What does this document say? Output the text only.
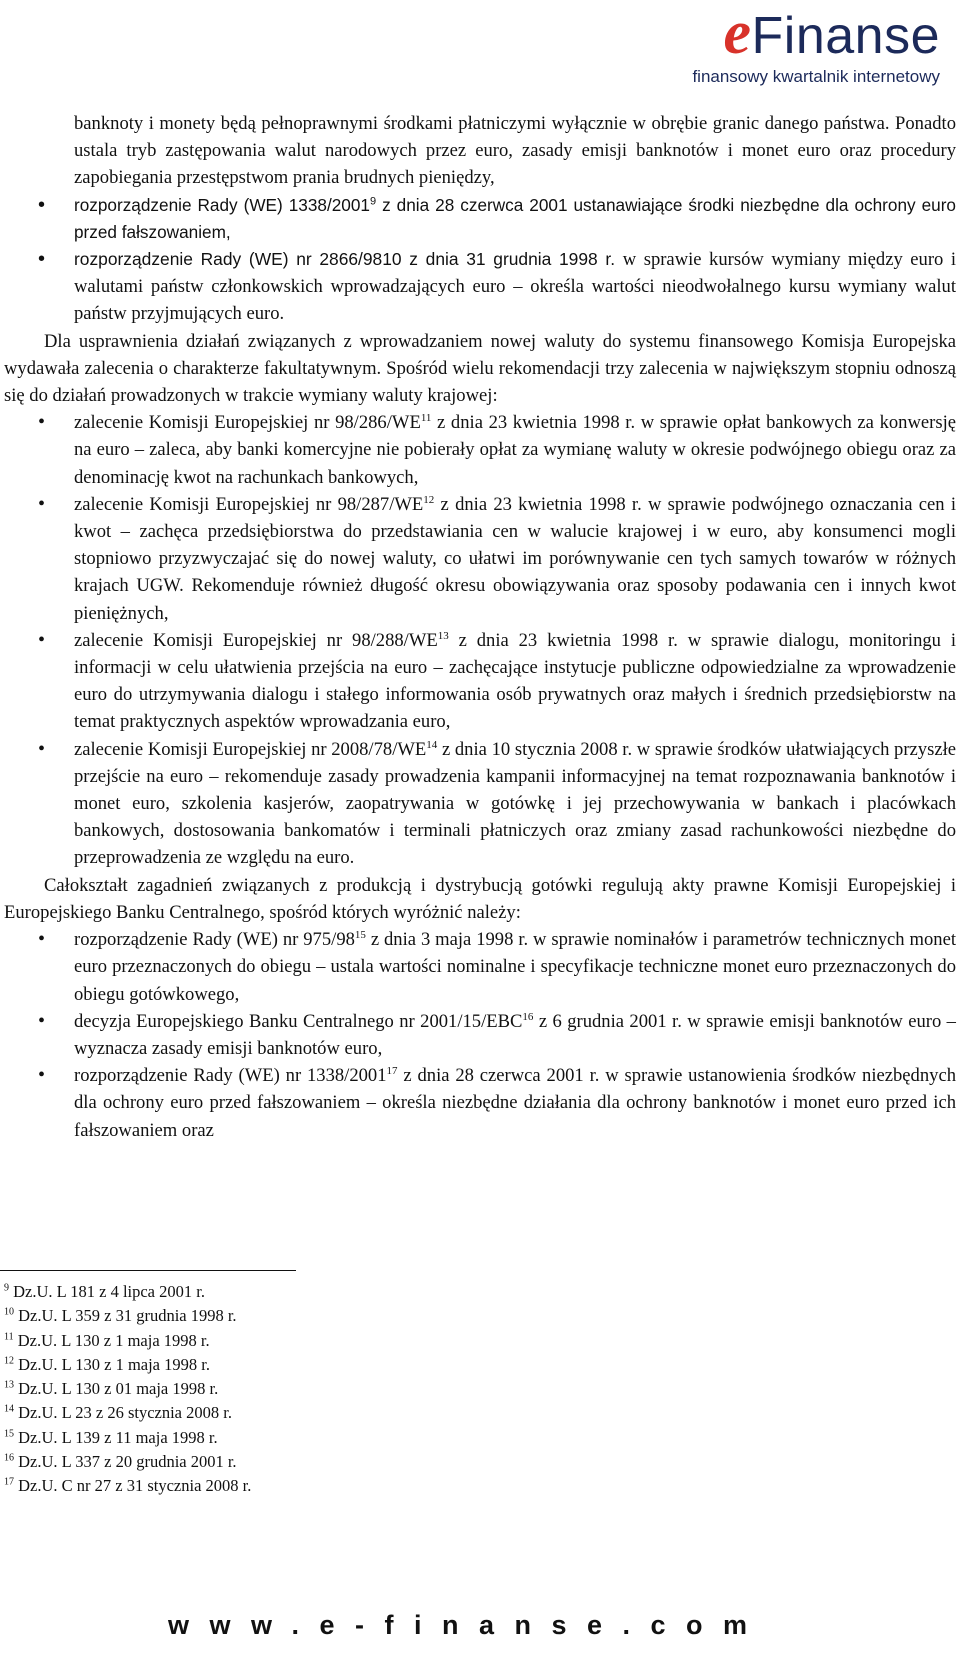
eFinanse
finansowy kwartalnik internetowy

banknoty i monety będą pełnoprawnymi środkami płatniczymi wyłącznie w obrębie granic danego państwa. Ponadto ustala tryb zastępowania walut narodowych przez euro, zasady emisji banknotów i monet euro oraz procedury zapobiegania przestępstwom prania brudnych pieniędzy,

• rozporządzenie Rady (WE) 1338/2001$^9$ z dnia 28 czerwca 2001 ustanawiające środki niezbędne dla ochrony euro przed fałszowaniem,
• rozporządzenie Rady (WE) nr 2866/9810 z dnia 31 grudnia 1998 r. w sprawie kursów wymiany między euro i walutami państw członkowskich wprowadzających euro – określa wartości nieodwołalnego kursu wymiany walut państw przyjmujących euro.

Dla usprawnienia działań związanych z wprowadzaniem nowej waluty do systemu finansowego Komisja Europejska wydawała zalecenia o charakterze fakultatywnym. Spośród wielu rekomendacji trzy zalecenia w największym stopniu odnoszą się do działań prowadzonych w trakcie wymiany waluty krajowej:

• zalecenie Komisji Europejskiej nr 98/286/WE$^{11}$ z dnia 23 kwietnia 1998 r. w sprawie opłat bankowych za konwersję na euro – zaleca, aby banki komercyjne nie pobierały opłat za wymianę waluty w okresie podwójnego obiegu oraz za denominację kwot na rachunkach bankowych,
• zalecenie Komisji Europejskiej nr 98/287/WE$^{12}$ z dnia 23 kwietnia 1998 r. w sprawie podwójnego oznaczania cen i kwot – zachęca przedsiębiorstwa do przedstawiania cen w walucie krajowej i w euro, aby konsumenci mogli stopniowo przyzwyczajać się do nowej waluty, co ułatwi im porównywanie cen tych samych towarów w różnych krajach UGW. Rekomenduje również długość okresu obowiązywania oraz sposoby podawania cen i innych kwot pieniężnych,
• zalecenie Komisji Europejskiej nr 98/288/WE$^{13}$ z dnia 23 kwietnia 1998 r. w sprawie dialogu, monitoringu i informacji w celu ułatwienia przejścia na euro – zachęcające instytucje publiczne odpowiedzialne za wprowadzenie euro do utrzymywania dialogu i stałego informowania osób prywatnych oraz małych i średnich przedsiębiorstw na temat praktycznych aspektów wprowadzania euro,
• zalecenie Komisji Europejskiej nr 2008/78/WE$^{14}$ z dnia 10 stycznia 2008 r. w sprawie środków ułatwiających przyszłe przejście na euro – rekomenduje zasady prowadzenia kampanii informacyjnej na temat rozpoznawania banknotów i monet euro, szkolenia kasjerów, zaopatrywania w gotówkę i jej przechowywania w bankach i placówkach bankowych, dostosowania bankomatów i terminali płatniczych oraz zmiany zasad rachunkowości niezbędne do przeprowadzenia ze względu na euro.

Całokształt zagadnień związanych z produkcją i dystrybucją gotówki regulują akty prawne Komisji Europejskiej i Europejskiego Banku Centralnego, spośród których wyróżnić należy:

• rozporządzenie Rady (WE) nr $975/98^{15}$ z dnia 3 maja 1998 r. w sprawie nominałów i parametrów technicznych monet euro przeznaczonych do obiegu – ustala wartości nominalne i specyfikacje techniczne monet euro przeznaczonych do obiegu gotówkowego,
• decyzja Europejskiego Banku Centralnego nr 2001/15/EBC$^{16}$ z 6 grudnia 2001 r. w sprawie emisji banknotów euro – wyznacza zasady emisji banknotów euro,
• rozporządzenie Rady (WE) nr 1338/2001$^{17}$ z dnia 28 czerwca 2001 r. w sprawie ustanowienia środków niezbędnych dla ochrony euro przed fałszowaniem – określa niezbędne działania dla ochrony banknotów i monet euro przed ich fałszowaniem oraz
$^9$ Dz.U. L 181 z 4 lipca 2001 r.
$^{10}$ Dz.U. L 359 z 31 grudnia 1998 r.
$^{11}$ Dz.U. L 130 z 1 maja 1998 r.
$^{12}$ Dz.U. L 130 z 1 maja 1998 r.
$^{13}$ Dz.U. L 130 z 01 maja 1998 r.
$^{14}$ Dz.U. L 23 z 26 stycznia 2008 r.
$^{15}$ Dz.U. L 139 z 11 maja 1998 r.
$^{16}$ Dz.U. L 337 z 20 grudnia 2001 r.
$^{17}$ Dz.U. C nr 27 z 31 stycznia 2008 r.
www.e-finanse.com
